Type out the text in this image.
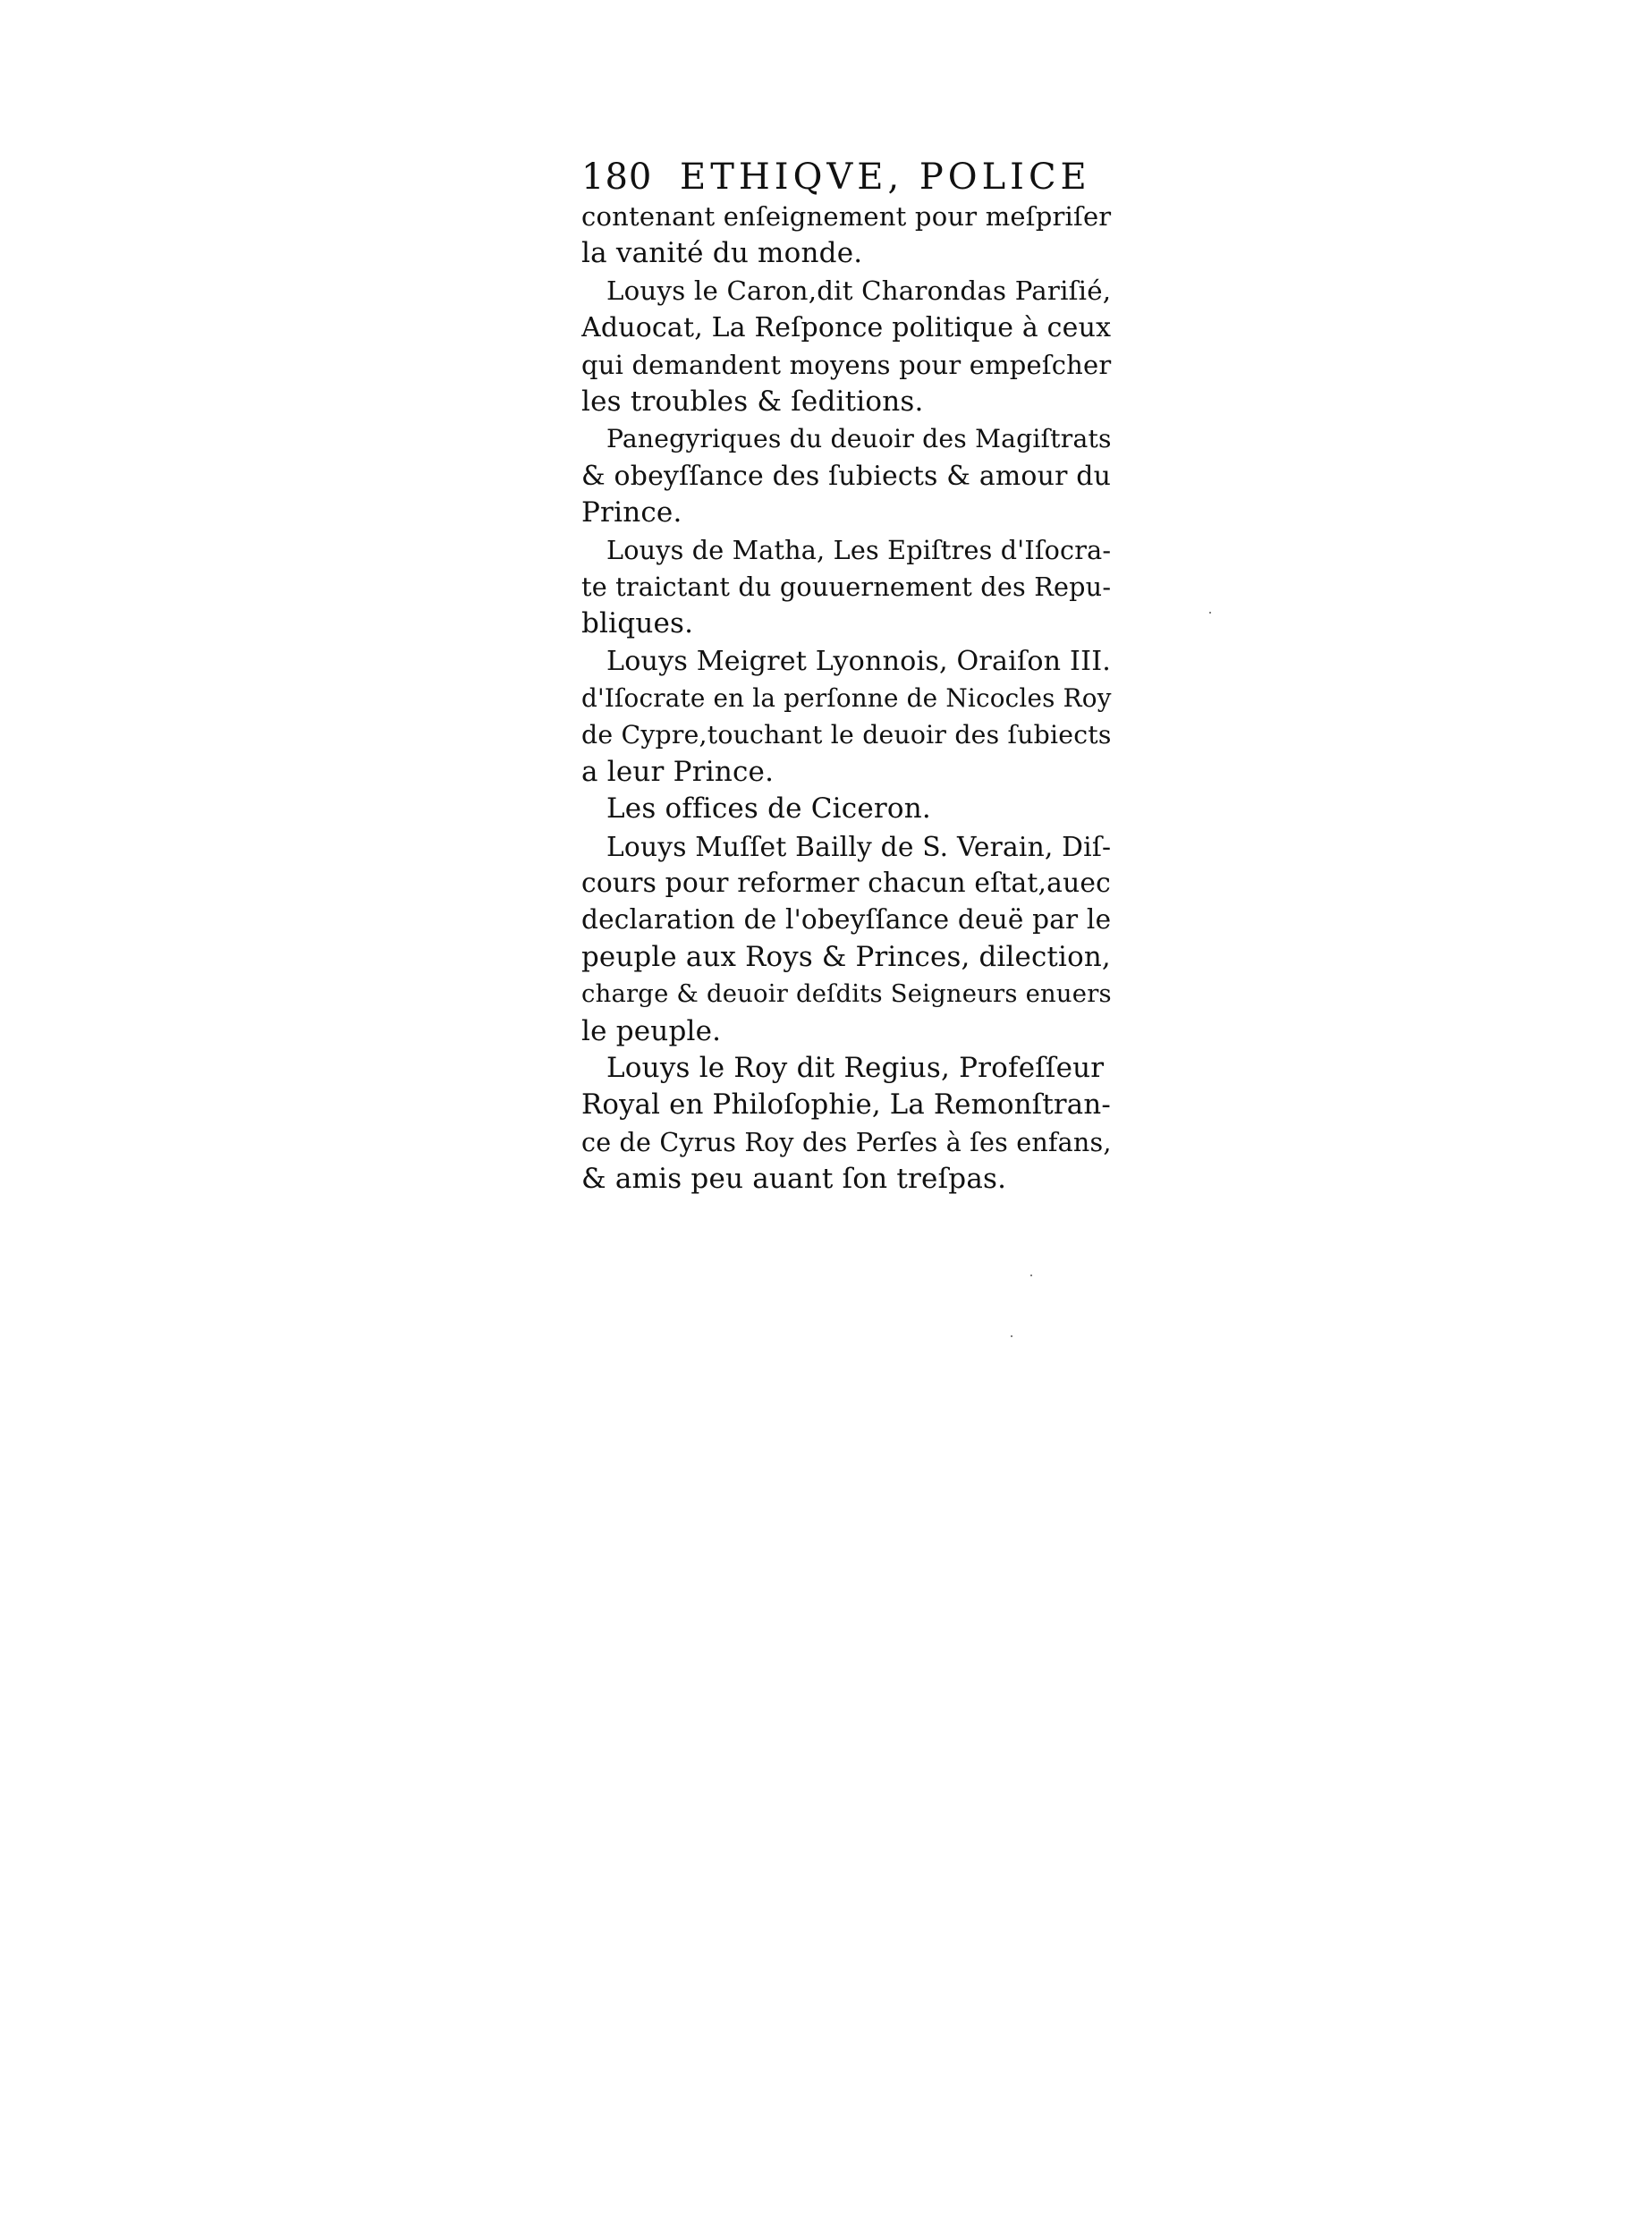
180 ETHIQVE, POLICE
contenant enſeignement pour meſpriſer
la vanité du monde.
Louys le Caron,dit Charondas Pariſié,
Aduocat, La Reſponce politique à ceux
qui demandent moyens pour empeſcher
les troubles & ſeditions.
Panegyriques du deuoir des Magiſtrats
& obeyſſance des ſubiects & amour du
Prince.
Louys de Matha, Les Epiſtres d'Iſocra-
te traictant du gouuernement des Repu-
bliques.
Louys Meigret Lyonnois, Oraiſon III.
d'Iſocrate en la perſonne de Nicocles Roy
de Cypre,touchant le deuoir des ſubiects
a leur Prince.
Les offices de Ciceron.
Louys Muſſet Bailly de S. Verain, Diſ-
cours pour reformer chacun eſtat,auec
declaration de l'obeyſſance deuë par le
peuple aux Roys & Princes, dilection,
charge & deuoir deſdits Seigneurs enuers
le peuple.
Louys le Roy dit Regius, Profeſſeur
Royal en Philoſophie, La Remonſtran-
ce de Cyrus Roy des Perſes à ſes enfans,
& amis peu auant ſon treſpas.
